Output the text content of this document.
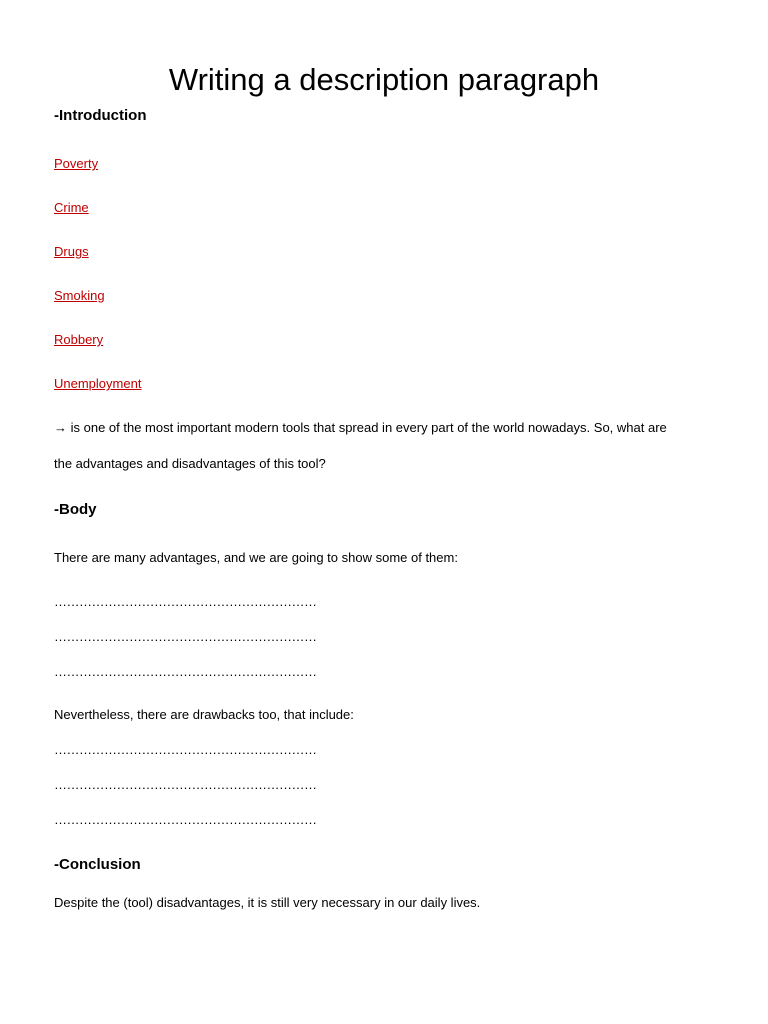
Writing a description paragraph
-Introduction
Poverty
Crime
Drugs
Smoking
Robbery
Unemployment
→ is one of the most important modern tools that spread in every part of the world nowadays. So, what are
the advantages and disadvantages of this tool?
-Body
There are many advantages, and we are going to show some of them:
………………………………………………………
………………………………………………………
………………………………………………………
Nevertheless, there are drawbacks too, that include:
………………………………………………………
………………………………………………………
………………………………………………………
-Conclusion
Despite the (tool) disadvantages, it is still very necessary in our daily lives.
